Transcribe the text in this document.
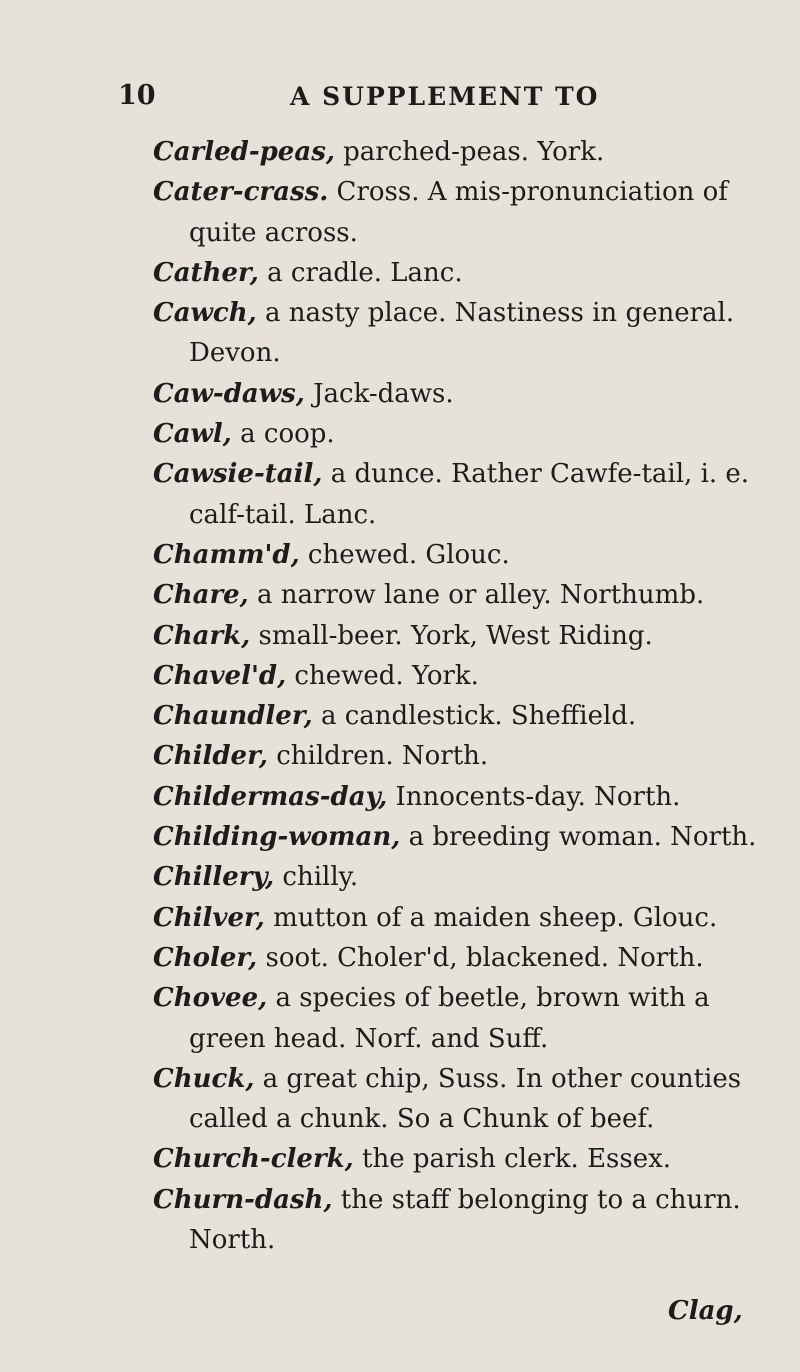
10	A SUPPLEMENT TO
Carled-peas, parched-peas. York.
Cater-crass. Cross. A mis-pronunciation of quite across.
Cather, a cradle. Lanc.
Cawch, a nasty place. Nastiness in general. Devon.
Caw-daws, Jack-daws.
Cawl, a coop.
Cawsie-tail, a dunce. Rather Cawfe-tail, i. e. calf-tail. Lanc.
Chamm'd, chewed. Glouc.
Chare, a narrow lane or alley. Northumb.
Chark, small-beer. York, West Riding.
Chavel'd, chewed. York.
Chaundler, a candlestick. Sheffield.
Childer, children. North.
Childermas-day, Innocents-day. North.
Childing-woman, a breeding woman. North.
Chillery, chilly.
Chilver, mutton of a maiden sheep. Glouc.
Choler, soot. Choler'd, blackened. North.
Chovee, a species of beetle, brown with a green head. Norf. and Suff.
Chuck, a great chip, Suss. In other counties called a chunk. So a Chunk of beef.
Church-clerk, the parish clerk. Essex.
Churn-dash, the staff belonging to a churn. North.
Clag,
